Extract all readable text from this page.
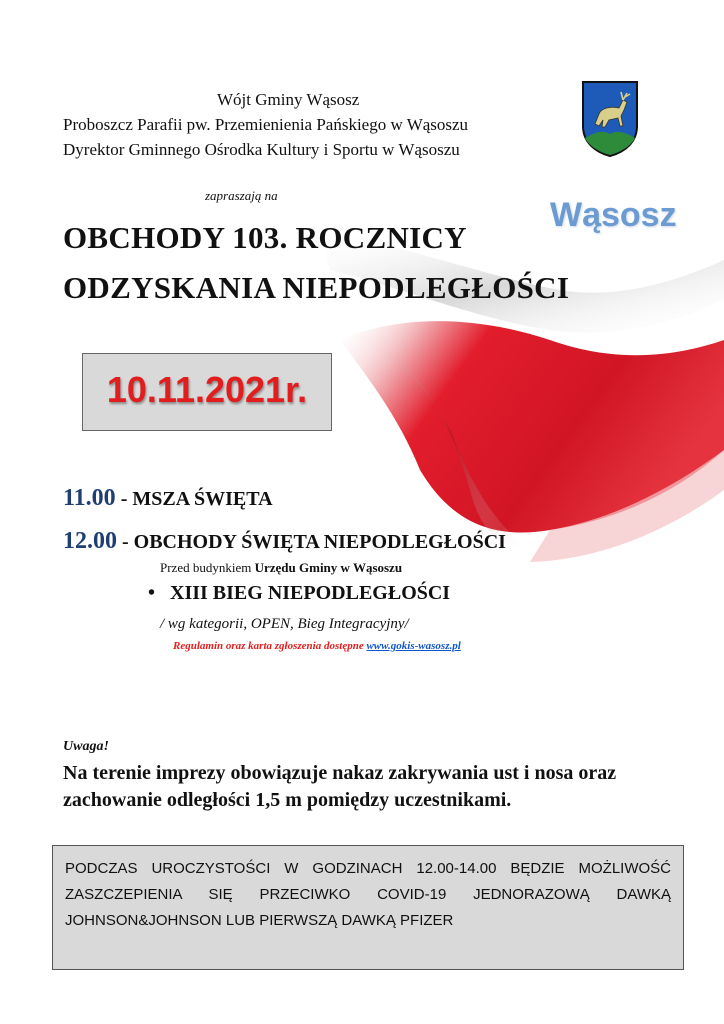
Wójt Gminy Wąsosz
Proboszcz Parafii pw. Przemienienia Pańskiego w Wąsoszu
Dyrektor Gminnego Ośrodka Kultury i Sportu w Wąsoszu
zapraszają na
Wąsosz
OBCHODY 103. ROCZNICY
ODZYSKANIA NIEPODLEGŁOŚCI
10.11.2021r.
11.00 - MSZA ŚWIĘTA
12.00 - OBCHODY ŚWIĘTA NIEPODLEGŁOŚCI
Przed budynkiem Urzędu Gminy w Wąsoszu
• XIII BIEG NIEPODLEGŁOŚCI
/ wg kategorii, OPEN, Bieg Integracyjny/
Regulamin oraz karta zgłoszenia dostępne www.gokis-wasosz.pl
Uwaga!
Na terenie imprezy obowiązuje nakaz zakrywania ust i nosa oraz
zachowanie odległości 1,5 m pomiędzy uczestnikami.
PODCZAS UROCZYSTOŚCI W GODZINACH 12.00-14.00 BĘDZIE MOŻLIWOŚĆ ZASZCZEPIENIA SIĘ PRZECIWKO COVID-19 JEDNORAZOWĄ DAWKĄ JOHNSON&JOHNSON LUB PIERWSZĄ DAWKĄ PFIZER
